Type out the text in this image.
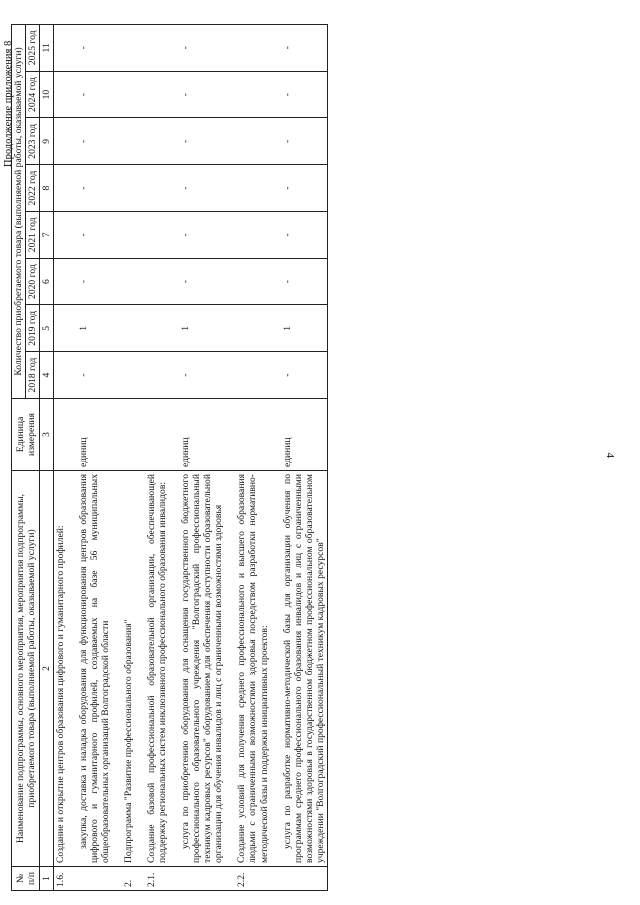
4
Продолжение приложения 8
№ п/п	Наименование подпрограммы, основного мероприятия, мероприятия подпрограммы, приобретаемого товара (выполняемой работы, оказываемой услуги)	Единица измерения	Количество приобретаемого товара (выполняемой работы, оказываемой услуги)							
			2018 год	2019 год	2020 год	2021 год	2022 год	2023 год	2024 год	2025 год
1	2	3	4	5	6	7	8	9	10	11
1.6.	Создание и открытие центров образования цифрового и гуманитарного профилей:									

	закупка, доставка и наладка оборудования для функционирования центров образования цифрового и гуманитарного профилей, создаваемых на базе 56 муниципальных общеобразовательных организаций Волгоградской области	единиц	-	1	-	-	-	-	-	-

2.	Подпрограмма "Развитие профессионального образования"									

2.1.	Создание базовой профессиональной образовательной организации, обеспечивающей поддержку региональных систем инклюзивного профессионального образования инвалидов:									

	услуга по приобретению оборудования для оснащения государственного бюджетного профессионального образовательного учреждения "Волгоградский профессиональный техникум кадровых ресурсов" оборудованием для обеспечения доступности образовательной организации для обучения инвалидов и лиц с ограниченными возможностями здоровья	единиц	-	1	-	-	-	-	-	-

2.2.	Создание условий для получения среднего профессионального и высшего образования людьми с ограниченными возможностями здоровья посредством разработки нормативно-методической базы и поддержки инициативных проектов:									

	услуга по разработке нормативно-методической базы для организации обучения по программам среднего профессионального образования инвалидов и лиц с ограниченными возможностями здоровья в государственном бюджетном профессиональном образовательном учреждении "Волгоградский профессиональный техникум кадровых ресурсов"	единиц	-	1	-	-	-	-	-	-
